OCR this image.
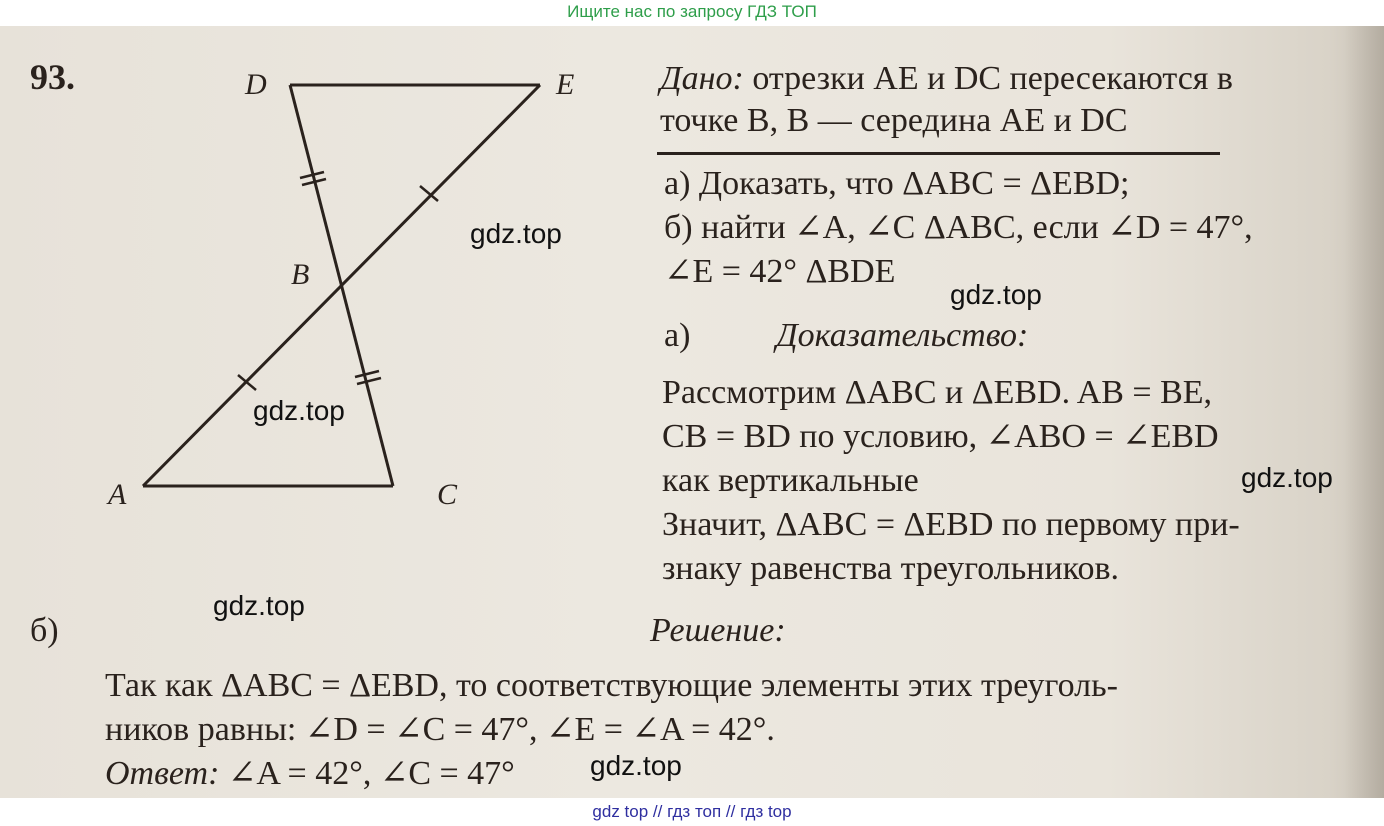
Ищите нас по запросу ГДЗ ТОП
D	E
B
A	C
93.	Дано: отрезки AE и DC пересекаются в
точке B, B — середина AE и DC
а) Доказать, что ΔABC = ΔEBD;
б) найти ∠A, ∠C ΔABC, если ∠D = 47°,
∠E = 42° ΔBDE
а)	Доказательство:
Рассмотрим ΔABC и ΔEBD. AB = BE,
CB = BD по условию, ∠ABO = ∠EBD
как вертикальные
Значит, ΔABC = ΔEBD по первому при-
знаку равенства треугольников.
б)	Решение:
Так как ΔABC = ΔEBD, то соответствующие элементы этих треуголь-
ников равны: ∠D = ∠C = 47°, ∠E = ∠A = 42°.
Ответ: ∠A = 42°, ∠C = 47°
gdz.top
gdz.top
gdz.top
gdz.top
gdz.top
gdz.top
gdz top // гдз топ // гдз top
